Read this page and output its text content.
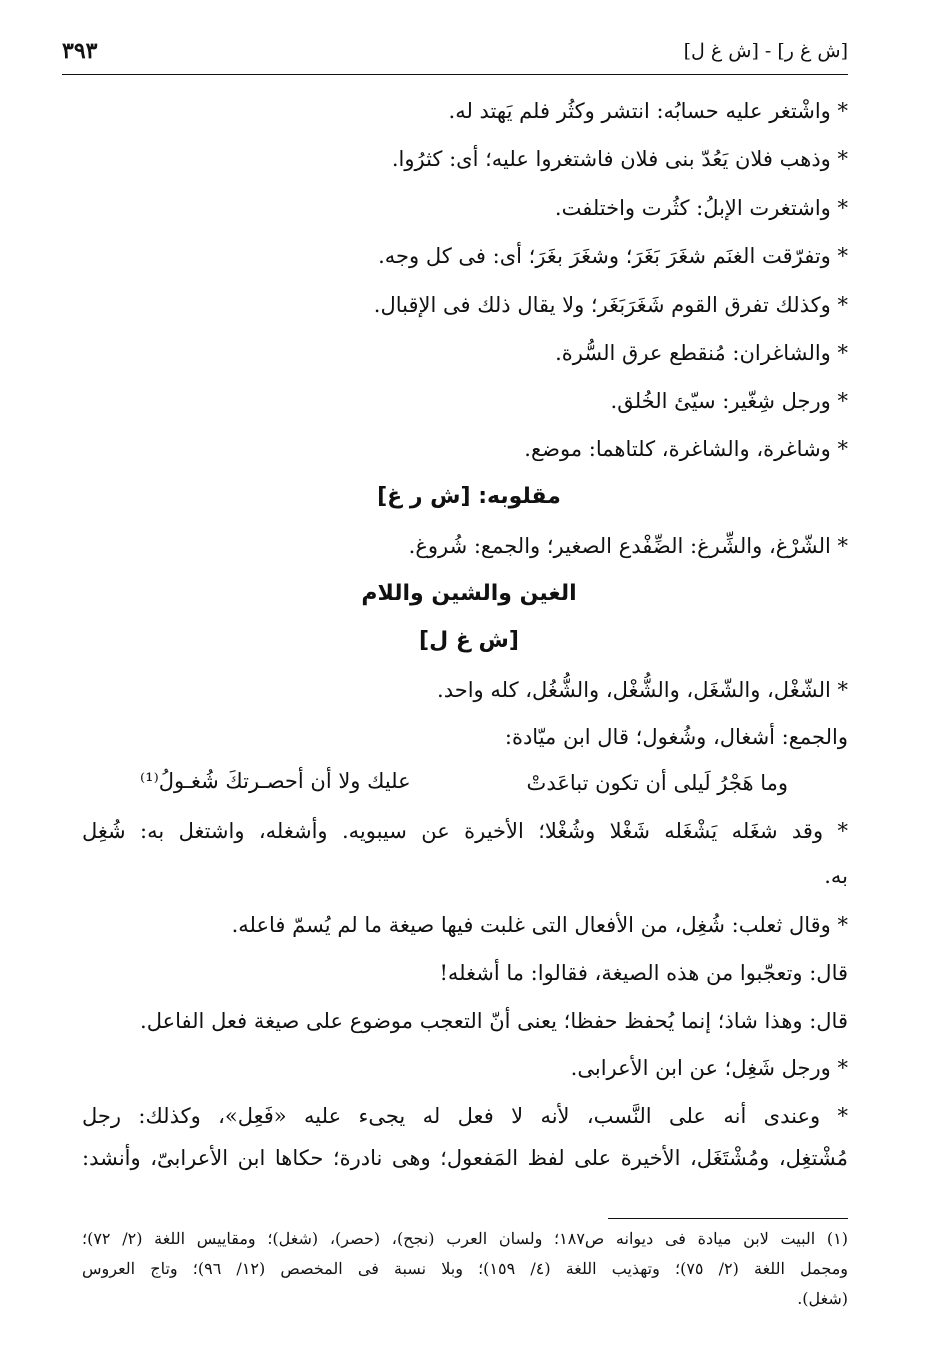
[ش غ ر] - [ش غ ل]
٣٩٣
* واشْتغر عليه حسابُه: انتشر وكثُر فلم يَهتد له.
* وذهب فلان يَعُدّ بنى فلان فاشتغروا عليه؛ أى: كثرُوا.
* واشتغرت الإبلُ: كثُرت واختلفت.
* وتفرّقت الغنَم شغَرَ بَغَرَ؛ وشغَرَ بغَرَ؛ أى: فى كل وجه.
* وكذلك تفرق القوم شَغَرَبَغَر؛ ولا يقال ذلك فى الإقبال.
* والشاغران: مُنقطع عرق السُّرة.
* ورجل شِغّير: سيّئ الخُلق.
* وشاغرة، والشاغرة، كلتاهما: موضع.
مقلوبه: [ش ر غ]
* الشّرْغ، والشِّرغ: الضِّفْدع الصغير؛ والجمع: شُروغ.
الغين والشين واللام
[ش غ ل]
* الشّغْل، والشّغَل، والشُّغْل، والشُّغُل، كله واحد.
والجمع: أشغال، وشُغول؛ قال ابن ميّادة:
وما هَجْرُ لَيلى أن تكون تباعَدتْ
عليك ولا أن أحصـرتكَ شُغـولُ⁽¹⁾
* وقد شغَله يَشْغَله شَغْلا وشُغْلا؛ الأخيرة عن سيبويه. وأشغله، واشتغل به: شُغِل
به.
* وقال ثعلب: شُغِل، من الأفعال التى غلبت فيها صيغة ما لم يُسمّ فاعله.
قال: وتعجّبوا من هذه الصيغة، فقالوا: ما أشغله!
قال: وهذا شاذ؛ إنما يُحفظ حفظا؛ يعنى أنّ التعجب موضوع على صيغة فعل الفاعل.
* ورجل شَغِل؛ عن ابن الأعرابى.
* وعندى أنه على النَّسب، لأنه لا فعل له يجىء عليه «فَعِل»، وكذلك: رجل
مُشْتغِل، ومُشْتَغَل، الأخيرة على لفظ المَفعول؛ وهى نادرة؛ حكاها ابن الأعرابىّ، وأنشد:
(١) البيت لابن ميادة فى ديوانه ص١٨٧؛ ولسان العرب (نجح)، (حصر)، (شغل)؛ ومقاييس اللغة (٢/ ٧٢)؛
ومجمل اللغة (٢/ ٧٥)؛ وتهذيب اللغة (٤/ ١٥٩)؛ وبلا نسبة فى المخصص (١٢/ ٩٦)؛ وتاج العروس
(شغل).
